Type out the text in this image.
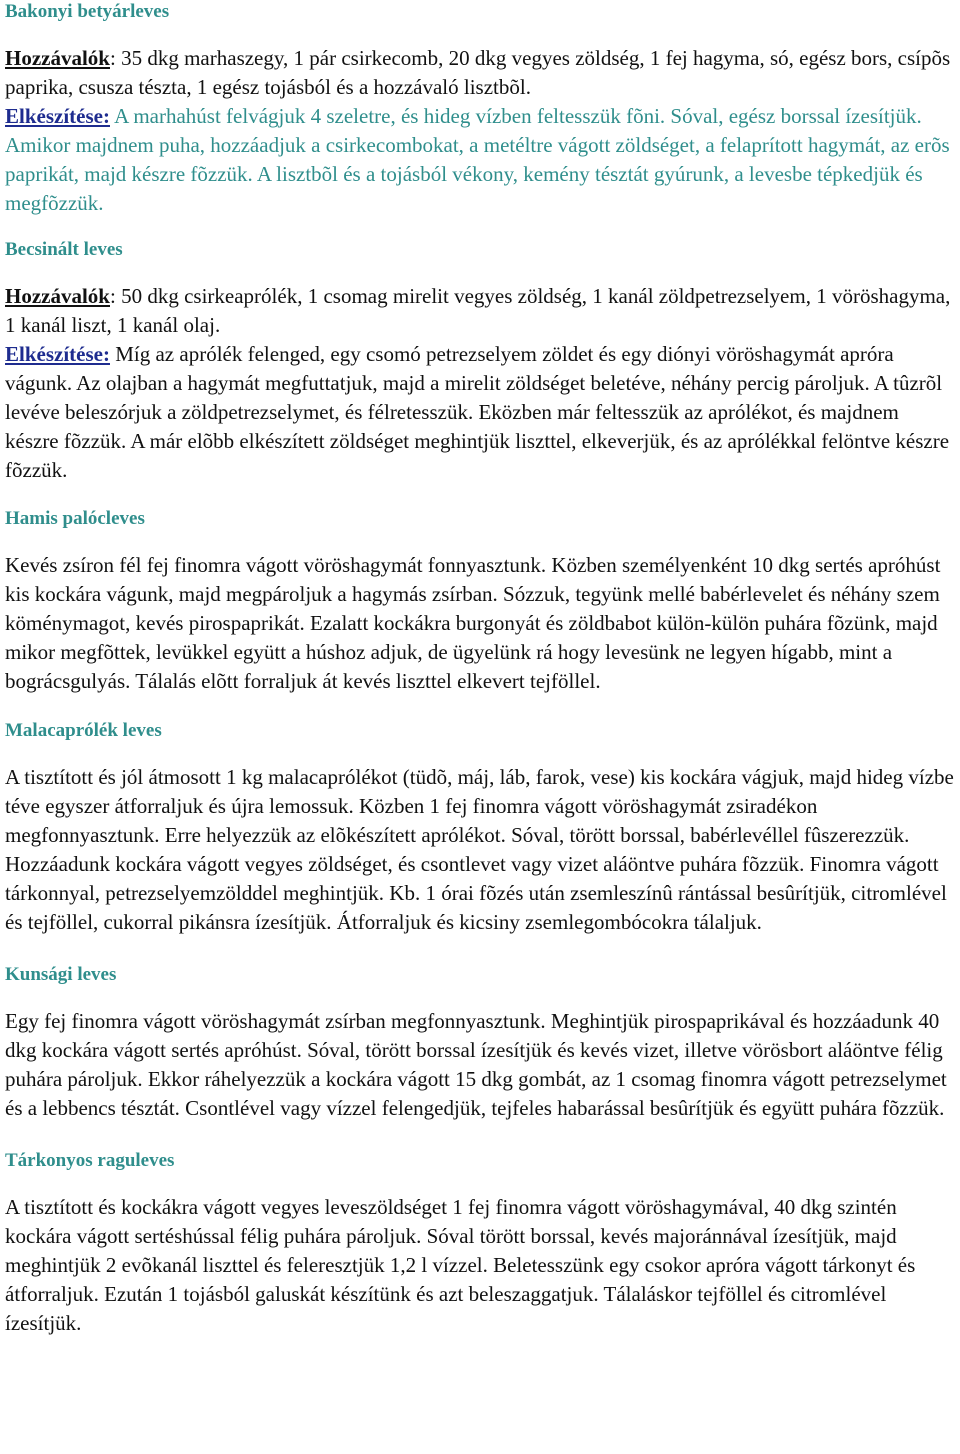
Bakonyi betyárleves
Hozzávalók: 35 dkg marhaszegy, 1 pár csirkecomb, 20 dkg vegyes zöldség, 1 fej hagyma, só, egész bors, csípõs paprika, csusza tészta, 1 egész tojásból és a hozzávaló lisztbõl.
Elkészítése: A marhahúst felvágjuk 4 szeletre, és hideg vízben feltesszük fõni. Sóval, egész borssal ízesítjük. Amikor majdnem puha, hozzáadjuk a csirkecombokat, a metéltre vágott zöldséget, a felaprított hagymát, az erõs paprikát, majd készre fõzzük. A lisztbõl és a tojásból vékony, kemény tésztát gyúrunk, a levesbe tépkedjük és megfõzzük.
Becsinált leves
Hozzávalók: 50 dkg csirkeaprólék, 1 csomag mirelit vegyes zöldség, 1 kanál zöldpetrezselyem, 1 vöröshagyma, 1 kanál liszt, 1 kanál olaj.
Elkészítése: Míg az aprólék felenged, egy csomó petrezselyem zöldet és egy diónyi vöröshagymát apróra vágunk. Az olajban a hagymát megfuttatjuk, majd a mirelit zöldséget beletéve, néhány percig pároljuk. A tûzrõl levéve beleszórjuk a zöldpetrezselymet, és félretesszük. Eközben már feltesszük az aprólékot, és majdnem készre fõzzük. A már elõbb elkészített zöldséget meghintjük liszttel, elkeverjük, és az aprólékkal felöntve készre fõzzük.
Hamis palócleves
Kevés zsíron fél fej finomra vágott vöröshagymát fonnyasztunk. Közben személyenként 10 dkg sertés apróhúst kis kockára vágunk, majd megpároljuk a hagymás zsírban. Sózzuk, tegyünk mellé babérlevelet és néhány szem köménymagot, kevés pirospaprikát. Ezalatt kockákra burgonyát és zöldbabot külön-külön puhára fõzünk, majd mikor megfõttek, levükkel együtt a húshoz adjuk, de ügyelünk rá hogy levesünk ne legyen hígabb, mint a bográcsgulyás. Tálalás elõtt forraljuk át kevés liszttel elkevert tejföllel.
Malacaprólék leves
A tisztított és jól átmosott 1 kg malacaprólékot (tüdõ, máj, láb, farok, vese) kis kockára vágjuk, majd hideg vízbe téve egyszer átforraljuk és újra lemossuk. Közben 1 fej finomra vágott vöröshagymát zsiradékon megfonnyasztunk. Erre helyezzük az elõkészített aprólékot. Sóval, törött borssal, babérlevéllel fûszerezzük. Hozzáadunk kockára vágott vegyes zöldséget, és csontlevet vagy vizet aláöntve puhára fõzzük. Finomra vágott tárkonnyal, petrezselyemzölddel meghintjük. Kb. 1 órai fõzés után zsemleszínû rántással besûrítjük, citromlével és tejföllel, cukorral pikánsra ízesítjük. Átforraljuk és kicsiny zsemlegombócokra tálaljuk.
Kunsági leves
Egy fej finomra vágott vöröshagymát zsírban megfonnyasztunk. Meghintjük pirospaprikával és hozzáadunk 40 dkg kockára vágott sertés apróhúst. Sóval, törött borssal ízesítjük és kevés vizet, illetve vörösbort aláöntve félig puhára pároljuk. Ekkor ráhelyezzük a kockára vágott 15 dkg gombát, az 1 csomag finomra vágott petrezselymet és a lebbencs tésztát. Csontlével vagy vízzel felengedjük, tejfeles habarással besûrítjük és együtt puhára fõzzük.
Tárkonyos raguleves
A tisztított és kockákra vágott vegyes leveszöldséget 1 fej finomra vágott vöröshagymával, 40 dkg szintén kockára vágott sertéshússal félig puhára pároljuk. Sóval törött borssal, kevés majoránnával ízesítjük, majd meghintjük 2 evõkanál liszttel és feleresztjük 1,2 l vízzel. Beletesszünk egy csokor apróra vágott tárkonyt és átforraljuk. Ezután 1 tojásból galuskát készítünk és azt beleszaggatjuk. Tálaláskor tejföllel és citromlével ízesítjük.
